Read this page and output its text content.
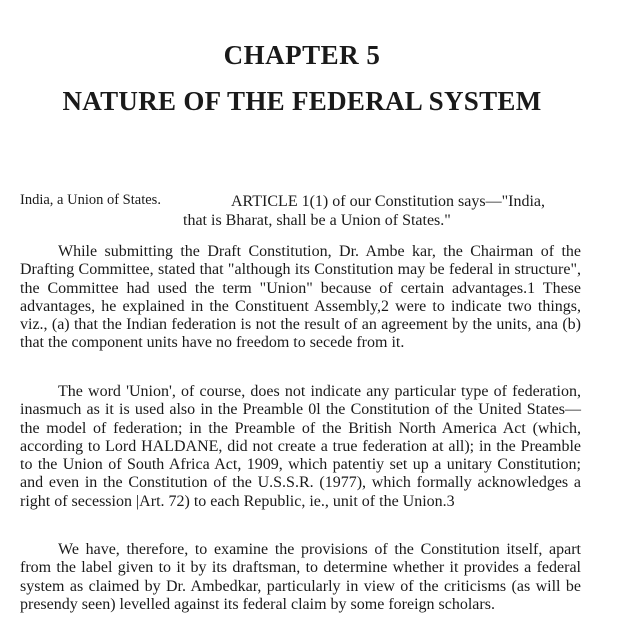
CHAPTER 5
NATURE OF THE FEDERAL SYSTEM
India, a Union of States.	ARTICLE 1(1) of our Constitution says—"India,
that is Bharat, shall be a Union of States."

While submitting the Draft Constitution, Dr. Ambe kar, the Chairman of the Drafting Committee, stated that "although its Constitution may be federal in structure", the Committee had used the term "Union" because of certain advantages.1 These advantages, he explained in the Constituent Assembly,2 were to indicate two things, viz., (a) that the Indian federation is not the result of an agreement by the units, ana (b) that the component units have no freedom to secede from it.

The word 'Union', of course, does not indicate any particular type of federation, inasmuch as it is used also in the Preamble 0l the Constitution of the United States—the model of federation; in the Preamble of the British North America Act (which, according to Lord HALDANE, did not create a true federation at all); in the Preamble to the Union of South Africa Act, 1909, which patentiy set up a unitary Constitution; and even in the Constitution of the U.S.S.R. (1977), which formally acknowledges a right of secession |Art. 72) to each Republic, ie., unit of the Union.3

We have, therefore, to examine the provisions of the Constitution itself, apart from the label given to it by its draftsman, to determine whether it provides a federal system as claimed by Dr. Ambedkar, particularly in view of the criticisms (as will be presendy seen) levelled against its federal claim by some foreign scholars.
